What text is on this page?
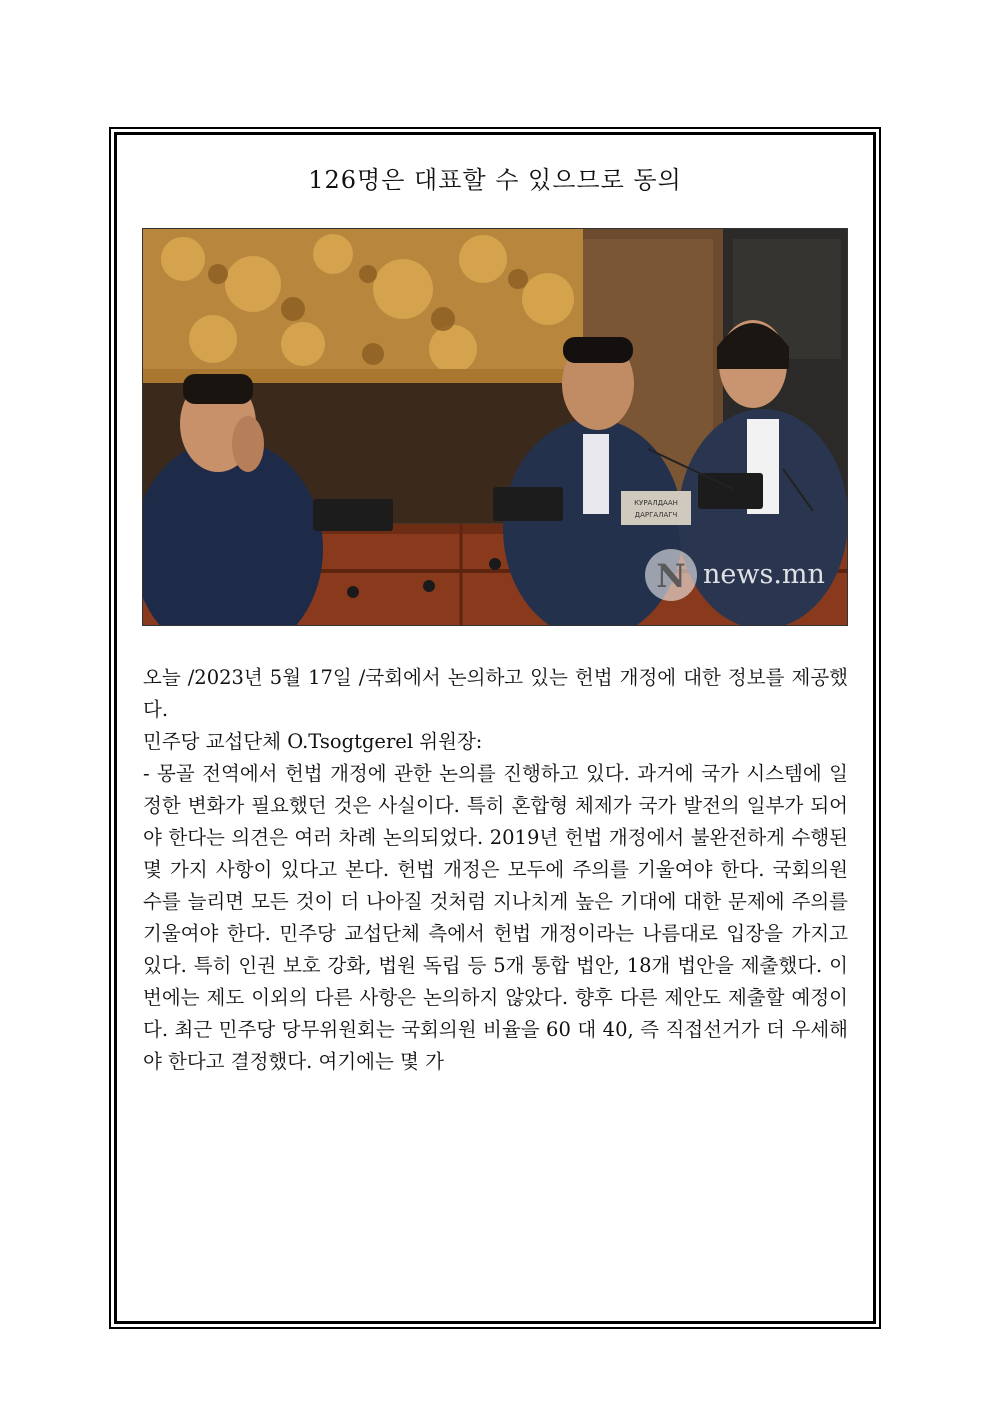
126명은 대표할 수 있으므로 동의
КУРАЛДААН
ДАРГАЛАГЧ
N news.mn

오늘 /2023년 5월 17일 /국회에서 논의하고 있는 헌법 개정에 대한 정보를 제공했다.

민주당 교섭단체 O.Tsogtgerel 위원장:

- 몽골 전역에서 헌법 개정에 관한 논의를 진행하고 있다. 과거에 국가 시스템에 일정한 변화가 필요했던 것은 사실이다. 특히 혼합형 체제가 국가 발전의 일부가 되어야 한다는 의견은 여러 차례 논의되었다. 2019년 헌법 개정에서 불완전하게 수행된 몇 가지 사항이 있다고 본다. 헌법 개정은 모두에 주의를 기울여야 한다. 국회의원 수를 늘리면 모든 것이 더 나아질 것처럼 지나치게 높은 기대에 대한 문제에 주의를 기울여야 한다. 민주당 교섭단체 측에서 헌법 개정이라는 나름대로 입장을 가지고 있다. 특히 인권 보호 강화, 법원 독립 등 5개 통합 법안, 18개 법안을 제출했다. 이번에는 제도 이외의 다른 사항은 논의하지 않았다. 향후 다른 제안도 제출할 예정이다. 최근 민주당 당무위원회는 국회의원 비율을 60 대 40, 즉 직접선거가 더 우세해야 한다고 결정했다. 여기에는 몇 가
